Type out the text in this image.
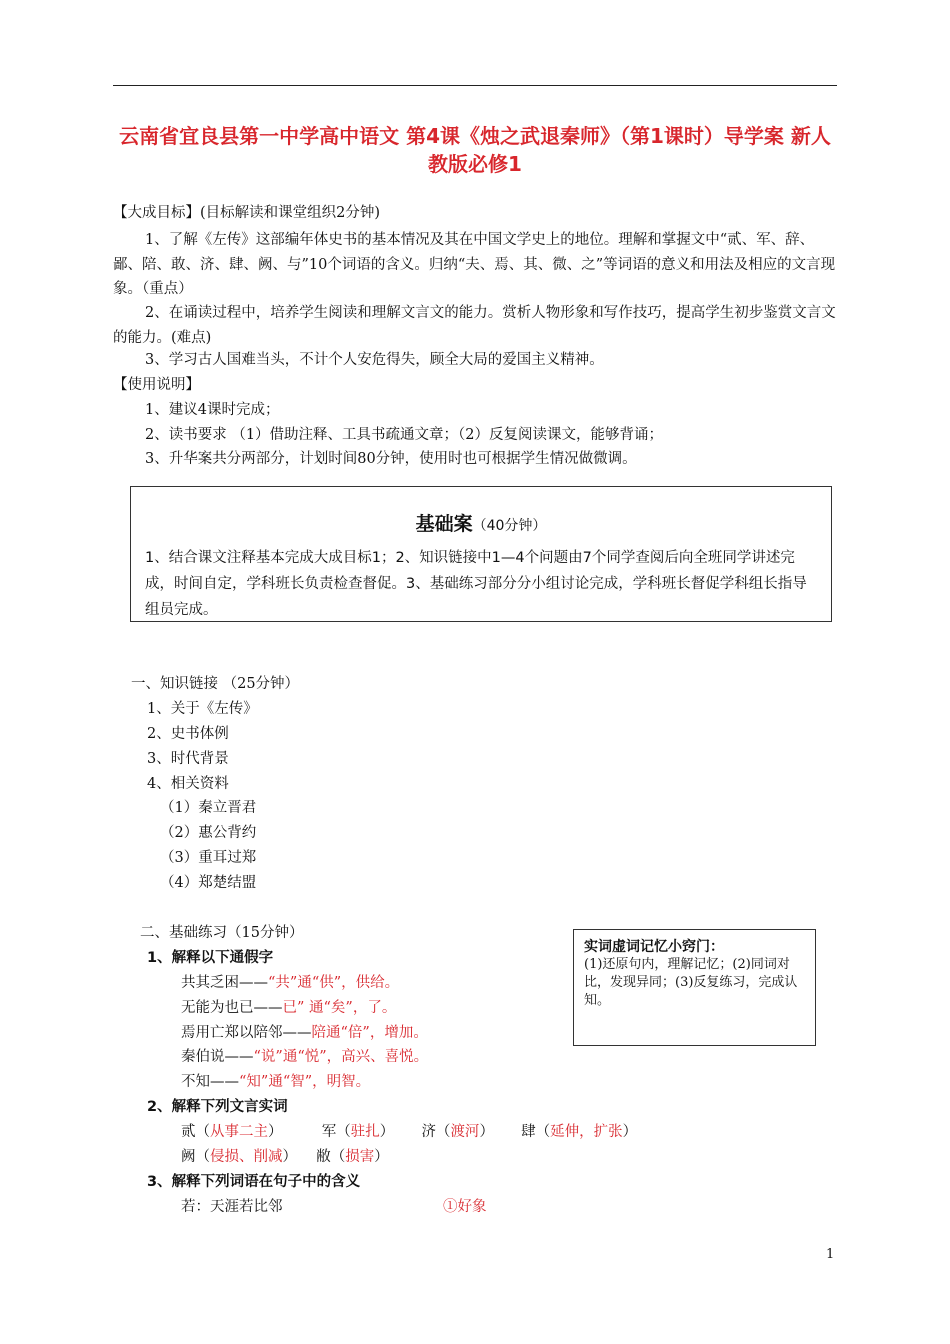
云南省宜良县第一中学高中语文 第4课《烛之武退秦师》（第1课时）导学案 新人教版必修1
【大成目标】(目标解读和课堂组织2分钟)
1、了解《左传》这部编年体史书的基本情况及其在中国文学史上的地位。理解和掌握文中“贰、军、辞、鄙、陪、敢、济、肆、阙、与”10个词语的含义。归纳“夫、焉、其、微、之”等词语的意义和用法及相应的文言现象。（重点）
2、在诵读过程中，培养学生阅读和理解文言文的能力。赏析人物形象和写作技巧，提高学生初步鉴赏文言文的能力。(难点)
3、学习古人国难当头，不计个人安危得失，顾全大局的爱国主义精神。
【使用说明】
1、建议4课时完成；
2、读书要求 （1）借助注释、工具书疏通文章；（2）反复阅读课文，能够背诵；
3、升华案共分两部分，计划时间80分钟，使用时也可根据学生情况做微调。
基础案（40分钟）
1、结合课文注释基本完成大成目标1；2、知识链接中1—4个问题由7个同学查阅后向全班同学讲述完成，时间自定，学科班长负责检查督促。3、基础练习部分分小组讨论完成，学科班长督促学科组长指导组员完成。
一、知识链接 （25分钟）
1、关于《左传》
2、史书体例
3、时代背景
4、相关资料
（1）秦立晋君
（2）惠公背约
（3）重耳过郑
（4）郑楚结盟
二、基础练习（15分钟）
1、解释以下通假字
共其乏困——“共”通“供”，供给。
无能为也已——已” 通“矣”，了。
焉用亡郑以陪邻——陪通“倍”，增加。
秦伯说——“说”通“悦”，高兴、喜悦。
不知——“知”通“智”，明智。
2、解释下列文言实词
贰（从事二主）	军（驻扎） 济（渡河） 肆（延伸，扩张）
阙（侵损、削减） 敝（损害）
3、解释下列词语在句子中的含义
若：天涯若比邻	①好象
实词虚词记忆小窍门：
(1)还原句内，理解记忆；(2)同词对比，发现异同；(3)反复练习，完成认知。
1
